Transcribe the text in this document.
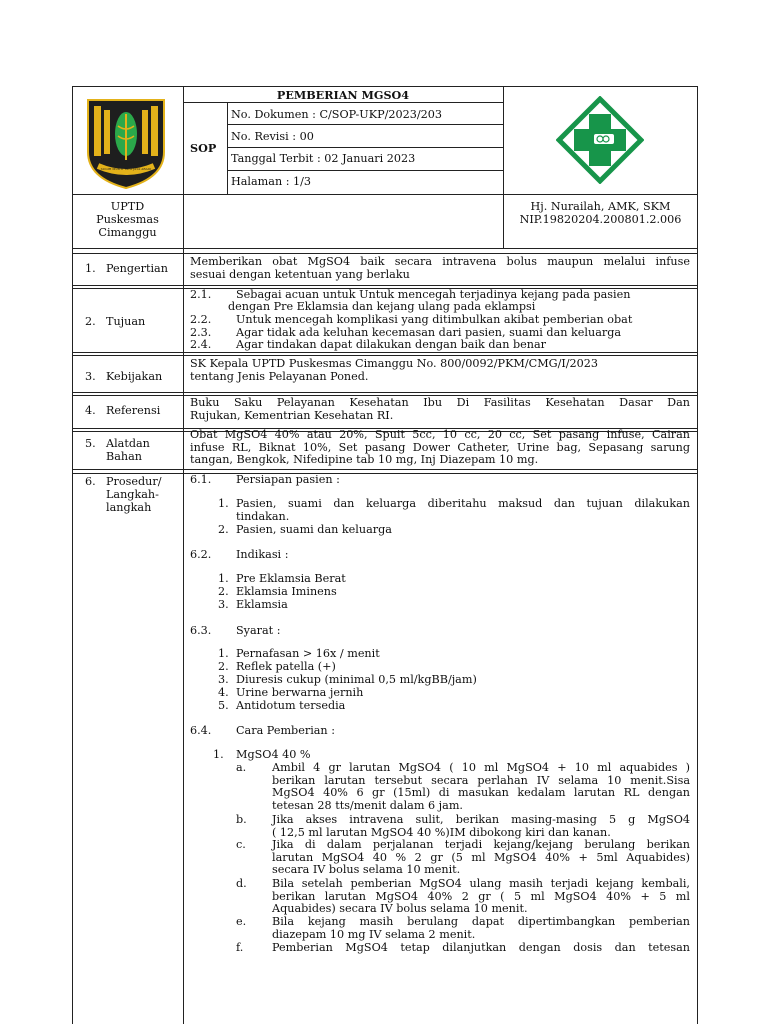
SUGIH MUKTI TANI JAYA ABADI
PEMBERIAN MGSO4
SOP
No. Dokumen : C/SOP-UKP/2023/203
No. Revisi : 00
Tanggal Terbit : 02 Januari 2023
Halaman : 1/3
UPTD
Puskesmas
Cimanggu
Hj. Nurailah, AMK, SKM
NIP.19820204.200801.2.006
1. Pengertian
Memberikan obat MgSO4 baik secara intravena bolus maupun melalui infuse
sesuai dengan ketentuan yang berlaku
2. Tujuan
2.1. Sebagai acuan untuk Untuk mencegah terjadinya kejang pada pasien
dengan Pre Eklamsia dan kejang ulang pada eklampsi
2.2. Untuk mencegah komplikasi yang ditimbulkan akibat pemberian obat
2.3. Agar tidak ada keluhan kecemasan dari pasien, suami dan keluarga
2.4. Agar tindakan dapat dilakukan dengan baik dan benar
3. Kebijakan
SK Kepala UPTD Puskesmas Cimanggu No. 800/0092/PKM/CMG/I/2023
tentang Jenis Pelayanan Poned.
4. Referensi
Buku Saku Pelayanan Kesehatan Ibu Di Fasilitas Kesehatan Dasar Dan
Rujukan, Kementrian Kesehatan RI.
5. Alatdan
Bahan
Obat MgSO4 40% atau 20%, Spuit 5cc, 10 cc, 20 cc, Set pasang infuse, Cairan
infuse RL, Biknat 10%, Set pasang Dower Catheter, Urine bag, Sepasang sarung
tangan, Bengkok, Nifedipine tab 10 mg, Inj Diazepam 10 mg.
6. Prosedur/
Langkah-
langkah
6.1. Persiapan pasien :
1. Pasien, suami dan keluarga diberitahu maksud dan tujuan dilakukan
tindakan.
2. Pasien, suami dan keluarga
6.2. Indikasi :
1. Pre Eklamsia Berat
2. Eklamsia Iminens
3. Eklamsia
6.3. Syarat :
1. Pernafasan > 16x / menit
2. Reflek patella (+)
3. Diuresis cukup (minimal 0,5 ml/kgBB/jam)
4. Urine berwarna jernih
5. Antidotum tersedia
6.4. Cara Pemberian :
1. MgSO4 40 %
a. Ambil 4 gr larutan MgSO4 ( 10 ml MgSO4 + 10 ml aquabides )
berikan larutan tersebut secara perlahan IV selama 10 menit.Sisa
MgSO4 40% 6 gr (15ml) di masukan kedalam larutan RL dengan
tetesan 28 tts/menit dalam 6 jam.
b. Jika akses intravena sulit, berikan masing-masing 5 g MgSO4
( 12,5 ml larutan MgSO4 40 %)IM dibokong kiri dan kanan.
c. Jika di dalam perjalanan terjadi kejang/kejang berulang berikan
larutan MgSO4 40 % 2 gr (5 ml MgSO4 40% + 5ml Aquabides)
secara IV bolus selama 10 menit.
d. Bila setelah pemberian MgSO4 ulang masih terjadi kejang kembali,
berikan larutan MgSO4 40% 2 gr ( 5 ml MgSO4 40% + 5 ml
Aquabides) secara IV bolus selama 10 menit.
e. Bila kejang masih berulang dapat dipertimbangkan pemberian
diazepam 10 mg IV selama 2 menit.
f.	Pemberian MgSO4 tetap dilanjutkan dengan dosis dan tetesan
